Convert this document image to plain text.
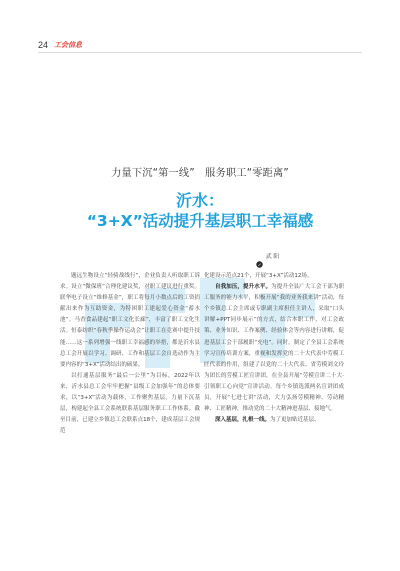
24 工会信息
力量下沉“第一线”　服务职工“零距离”
沂水：
“3+X”活动提升基层职工幸福感
武 阳

题远生物设立“轻骑战线行”，企业负责人听取职工诉求。设立“微保班”合理化建议奖，对职工建议进行重奖。联华电子设立“维修基金”，职工将每月小数点后的工资捐献出来作为互助资金，为特困职工建起爱心资金“蓄水池”。马香食品建起“职工文化长廊”，丰富了职工文化生活。恒泰纺织“春秋季操作运动会”让职工在竞赛中提升技能……这一系列增强一线职工幸福感的举措，都是沂水县总工会开展以学习、调研、工作和基层工会自选动作为主要内容的“3+X”活动结出的硕果。

以打通基层服务“最后一公里”为目标，2022年以来，沂水县总工会牢牢把握“县级工会加强年”的总体要求，以“3+X”活动为载体，工作聚焦基层，力量下沉基层，构建起全县工会系统联系基层服务职工工作体系。截至目前，已建立乡镇总工会联系点18个，建成基层工会规范

化建设示范点21个，开展“3+X”活动12场。

自我加压，提升水平。为提升全县广大工会干部为职工服务的能力水平，积极开展“我的业务我来讲”活动，每个乡镇总工会主席或专职副主席担任主讲人，采取“口头讲解+PPT同步展示”的方式，结合本职工作，对工会政策、业务知识、工作案例、经验体会等内容进行讲解，促进基层工会干部履职“充电”。同时，制定了全县工会系统学习宣传培训方案，重视和发挥党的二十大代表中劳模工匠代表的作用，组建了以党的二十大代表、省劳模刘文玲为团长的劳模工匠宣讲团，在全县开展“劳模宣讲二十大·引领职工心向党”宣讲活动。每个乡镇选派两名宣讲团成员，开展“七进七讲”活动，大力弘扬劳模精神、劳动精神、工匠精神，推动党的二十大精神进基层、接地气。

深入基层，扎根一线。为了更加贴近基层、
